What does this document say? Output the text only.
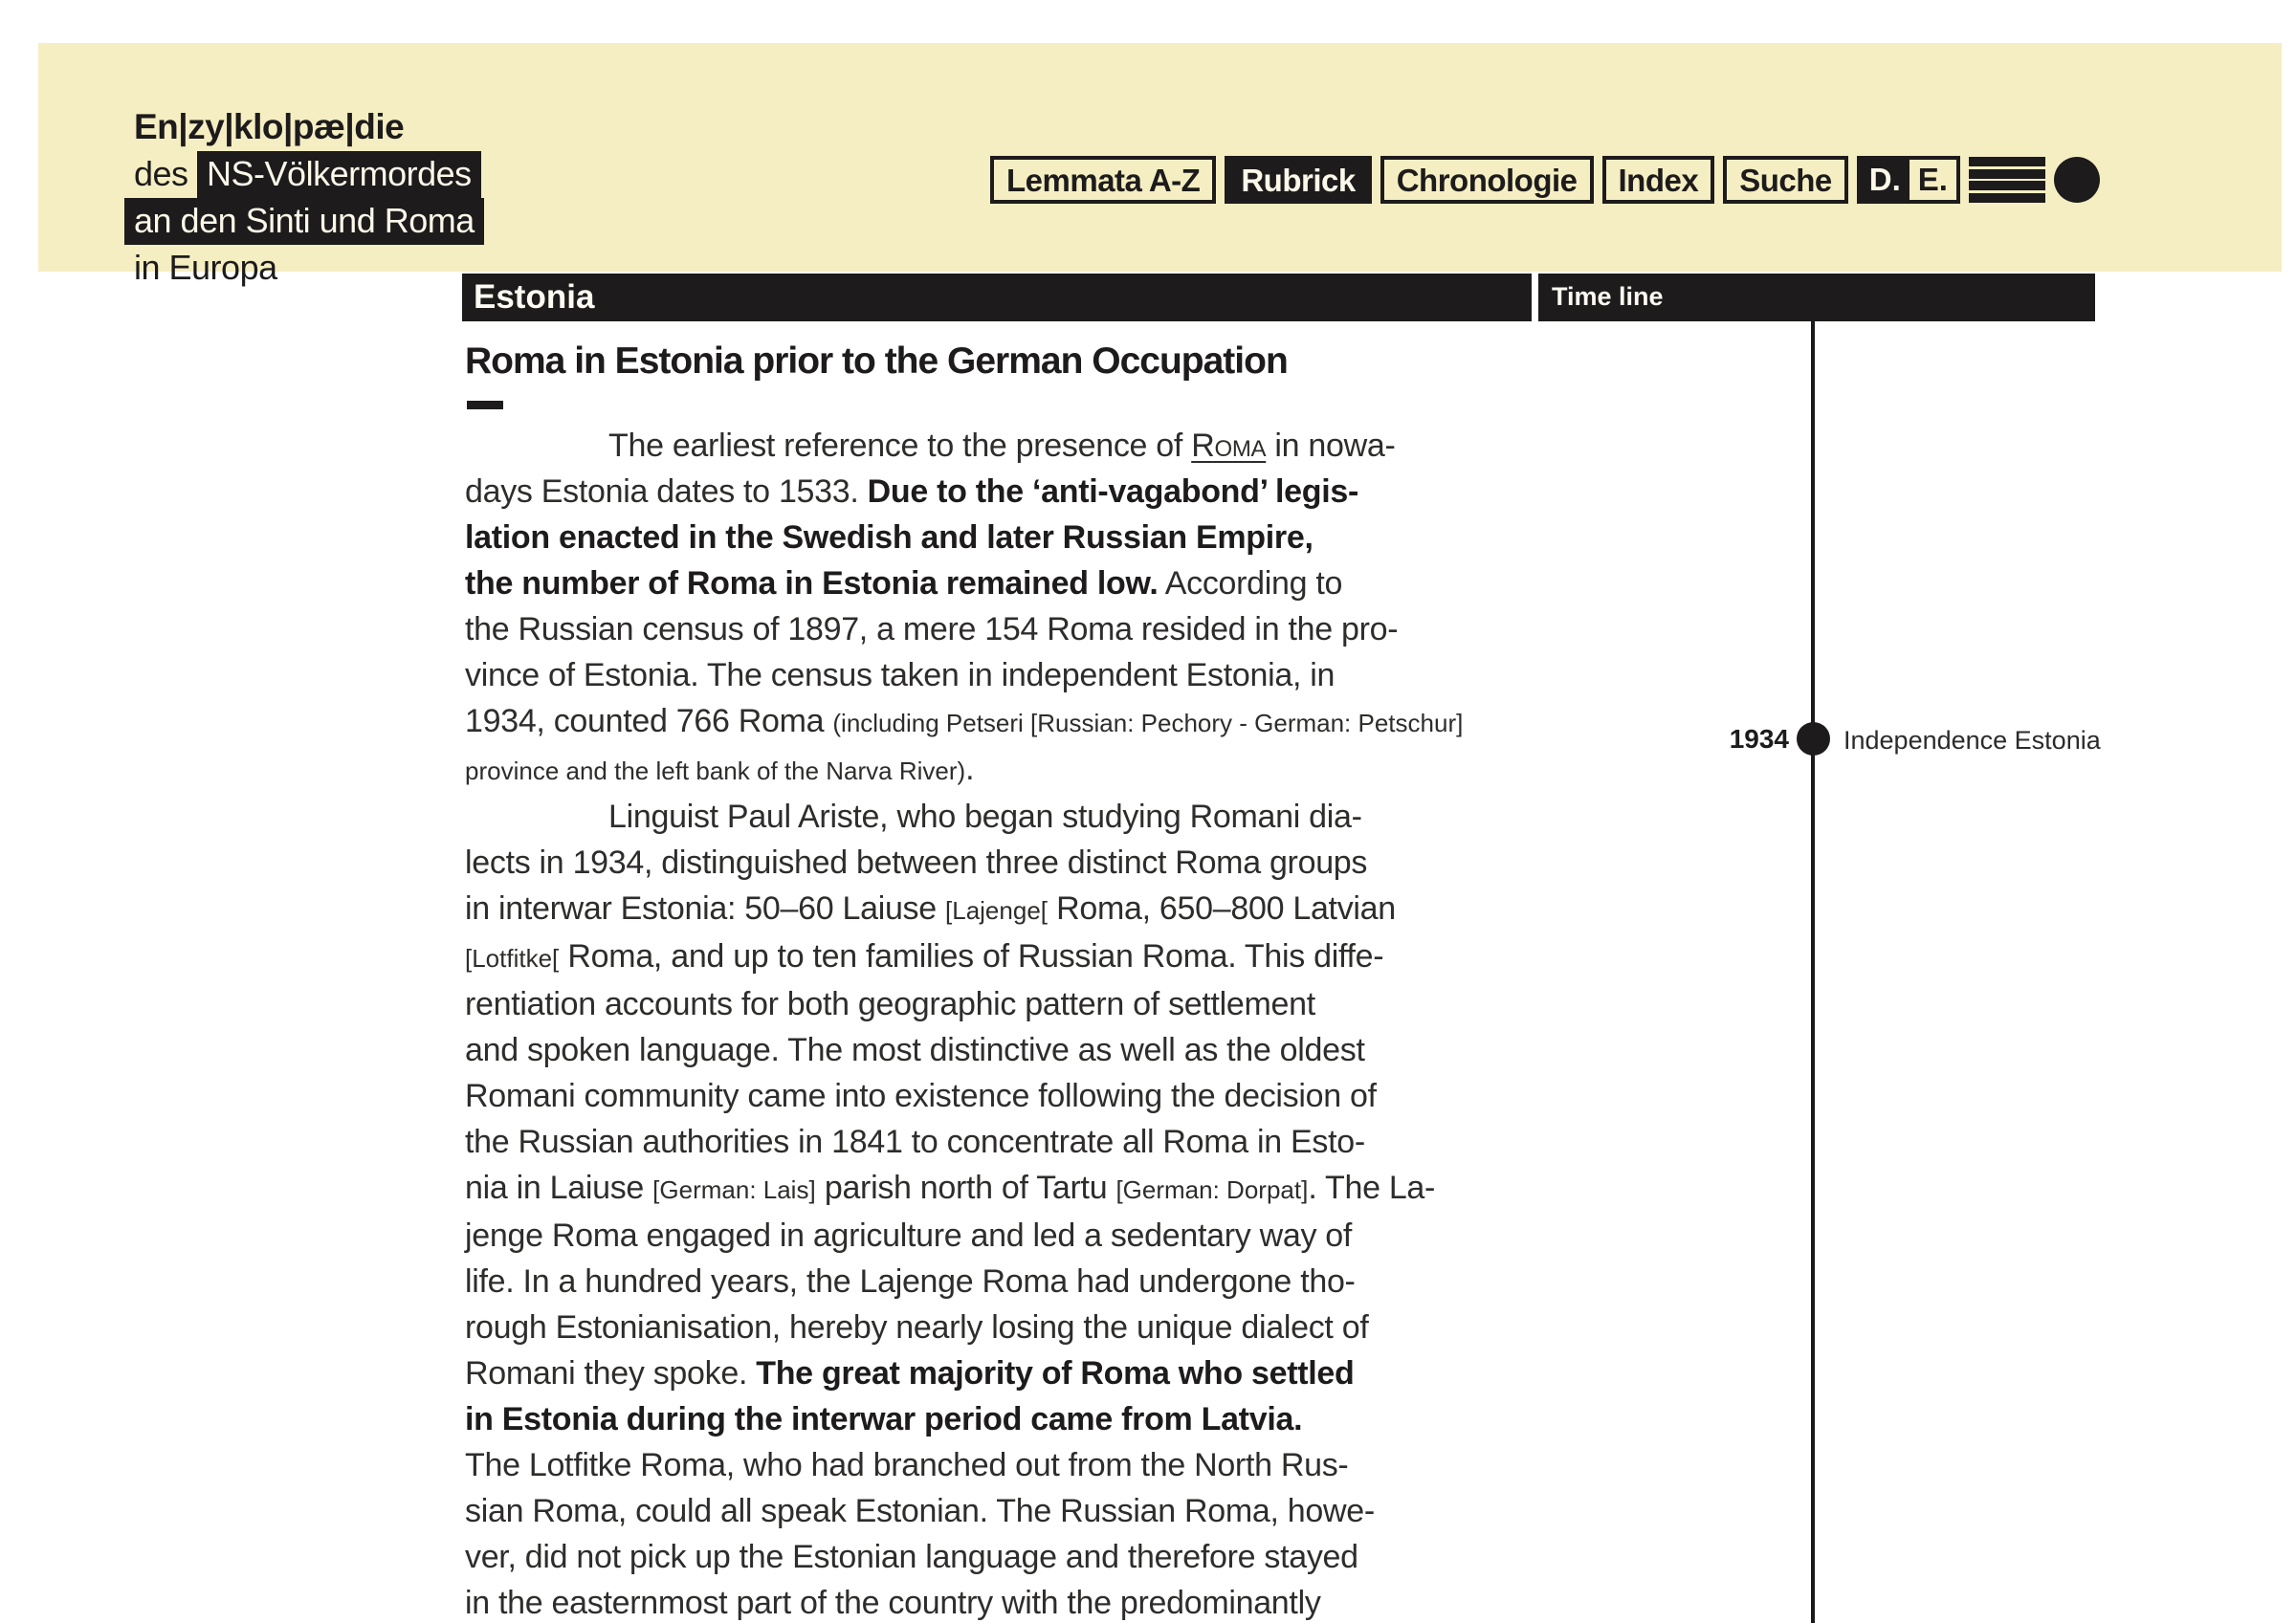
En|zy|klo|pæ|die
des NS-Völkermordes
an den Sinti und Roma
in Europa
Lemmata A-Z	Rubrick	Chronologie	Index	Suche	D. E.
Estonia	Time line
1934 Independence Estonia
Roma in Estonia prior to the German Occupation
The earliest reference to the presence of Roma in nowa-
days Estonia dates to 1533. Due to the ‘anti-vagabond’ legis-
lation enacted in the Swedish and later Russian Empire,
the number of Roma in Estonia remained low. According to
the Russian census of 1897, a mere 154 Roma resided in the pro-
vince of Estonia. The census taken in independent Estonia, in
1934, counted 766 Roma (including Petseri [Russian: Pechory - German: Petschur]
province and the left bank of the Narva River).
Linguist Paul Ariste, who began studying Romani dia-
lects in 1934, distinguished between three distinct Roma groups
in interwar Estonia: 50–60 Laiuse [Lajenge[ Roma, 650–800 Latvian
[Lotfitke[ Roma, and up to ten families of Russian Roma. This diffe-
rentiation accounts for both geographic pattern of settlement
and spoken language. The most distinctive as well as the oldest
Romani community came into existence following the decision of
the Russian authorities in 1841 to concentrate all Roma in Esto-
nia in Laiuse [German: Lais] parish north of Tartu [German: Dorpat]. The La-
jenge Roma engaged in agriculture and led a sedentary way of
life. In a hundred years, the Lajenge Roma had undergone tho-
rough Estonianisation, hereby nearly losing the unique dialect of
Romani they spoke. The great majority of Roma who settled
in Estonia during the interwar period came from Latvia.
The Lotfitke Roma, who had branched out from the North Rus-
sian Roma, could all speak Estonian. The Russian Roma, howe-
ver, did not pick up the Estonian language and therefore stayed
in the easternmost part of the country with the predominantly
